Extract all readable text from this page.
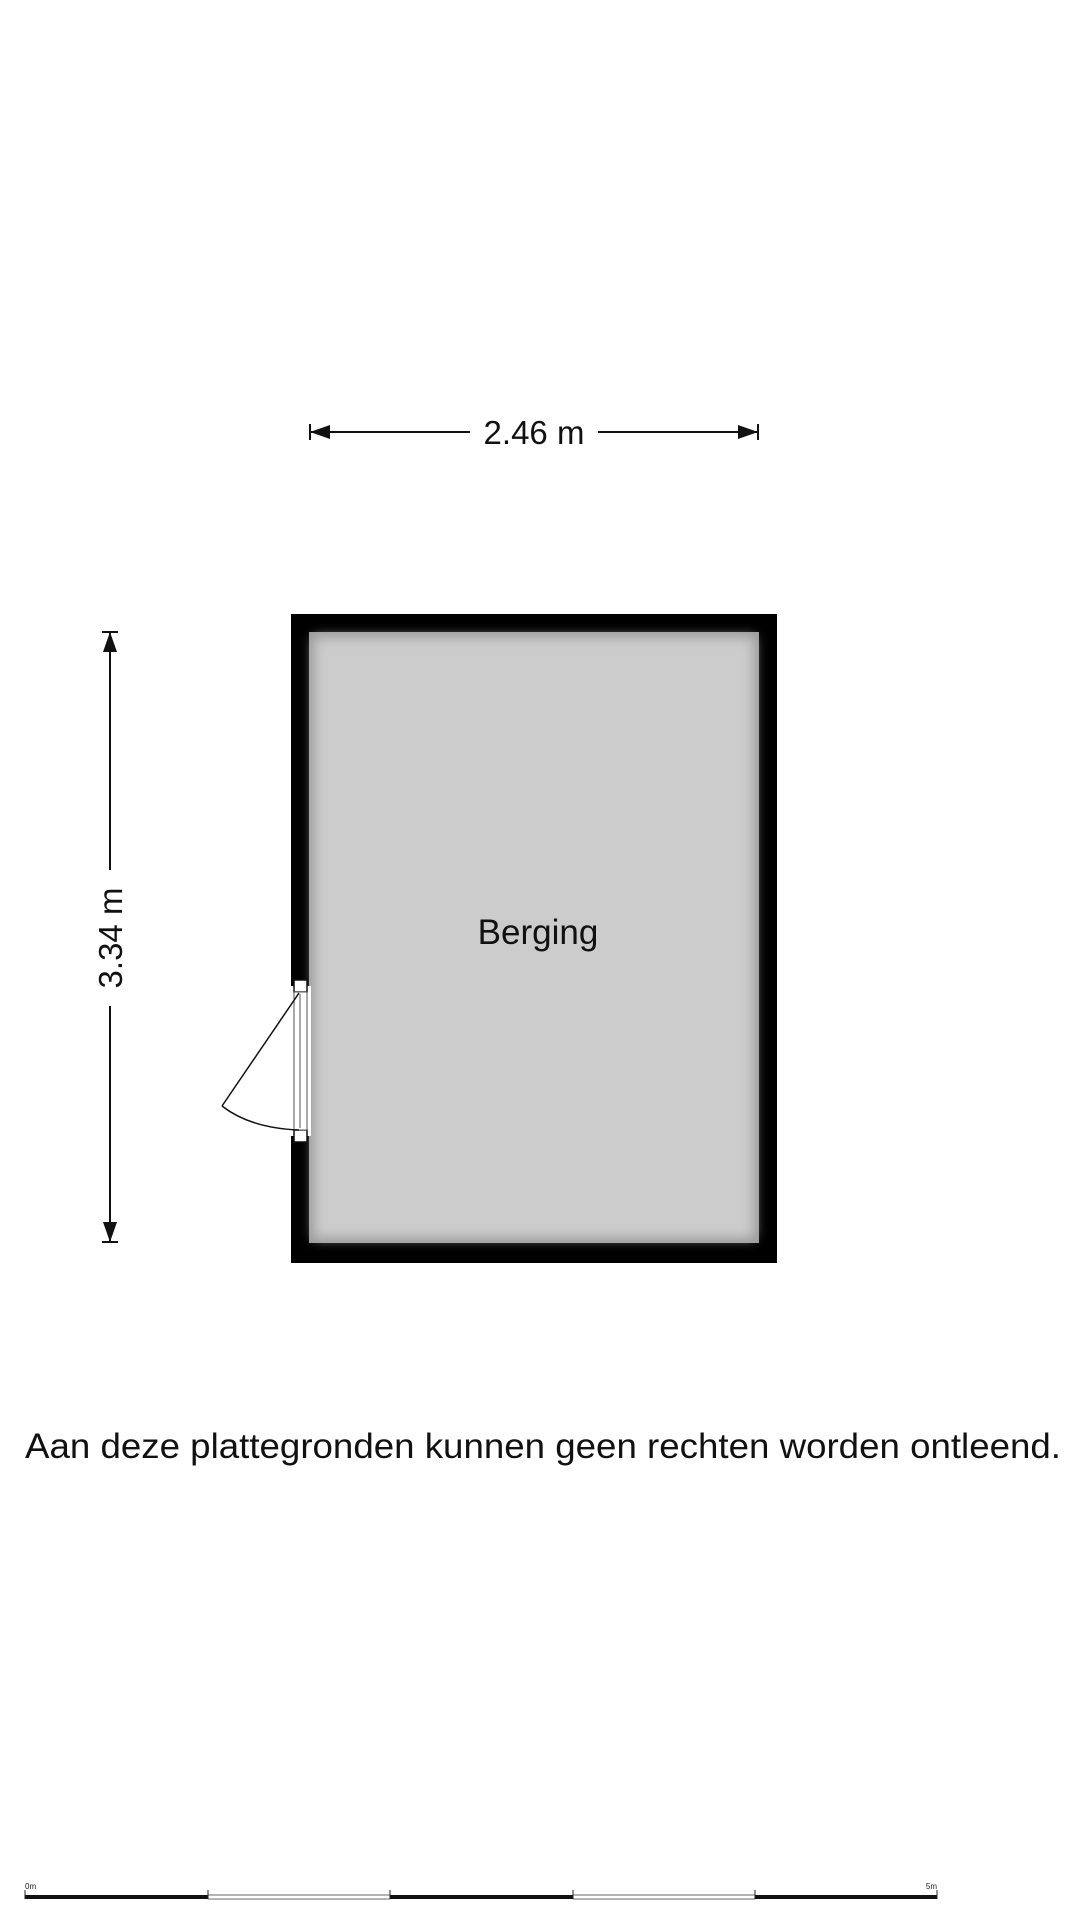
2.46 m
3.34 m	Berging
Aan deze plattegronden kunnen geen rechten worden ontleend.
0m	5m
